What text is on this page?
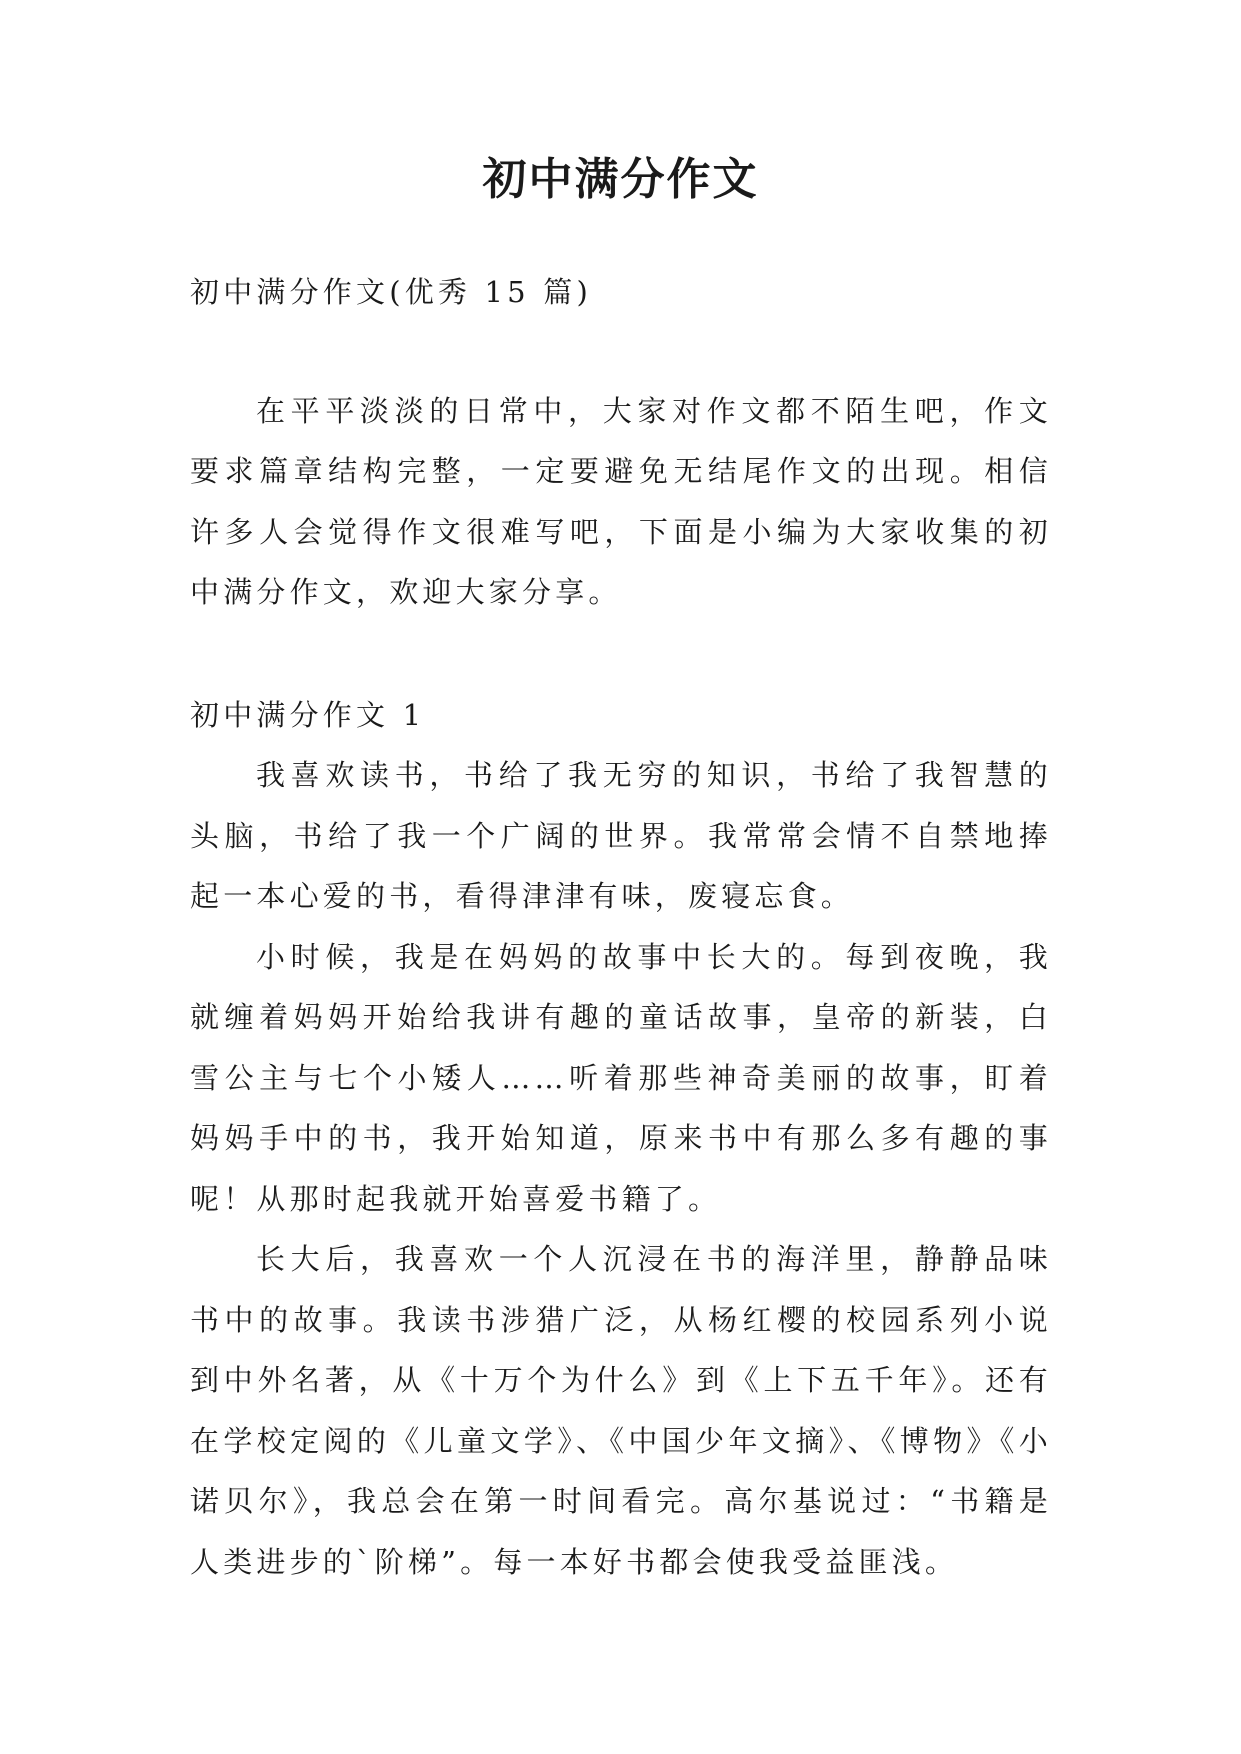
初中满分作文

初中满分作文(优秀 15 篇)

在平平淡淡的日常中，大家对作文都不陌生吧，作文要求篇章结构完整，一定要避免无结尾作文的出现。相信许多人会觉得作文很难写吧，下面是小编为大家收集的初中满分作文，欢迎大家分享。

初中满分作文 1

我喜欢读书，书给了我无穷的知识，书给了我智慧的头脑，书给了我一个广阔的世界。我常常会情不自禁地捧起一本心爱的书，看得津津有味，废寝忘食。

小时候，我是在妈妈的故事中长大的。每到夜晚，我就缠着妈妈开始给我讲有趣的童话故事，皇帝的新装，白雪公主与七个小矮人……听着那些神奇美丽的故事，盯着妈妈手中的书，我开始知道，原来书中有那么多有趣的事呢！从那时起我就开始喜爱书籍了。

长大后，我喜欢一个人沉浸在书的海洋里，静静品味书中的故事。我读书涉猎广泛，从杨红樱的校园系列小说到中外名著，从《十万个为什么》到《上下五千年》。还有在学校定阅的《儿童文学》、《中国少年文摘》、《博物》《小诺贝尔》，我总会在第一时间看完。高尔基说过：“书籍是人类进步的`阶梯”。每一本好书都会使我受益匪浅。
